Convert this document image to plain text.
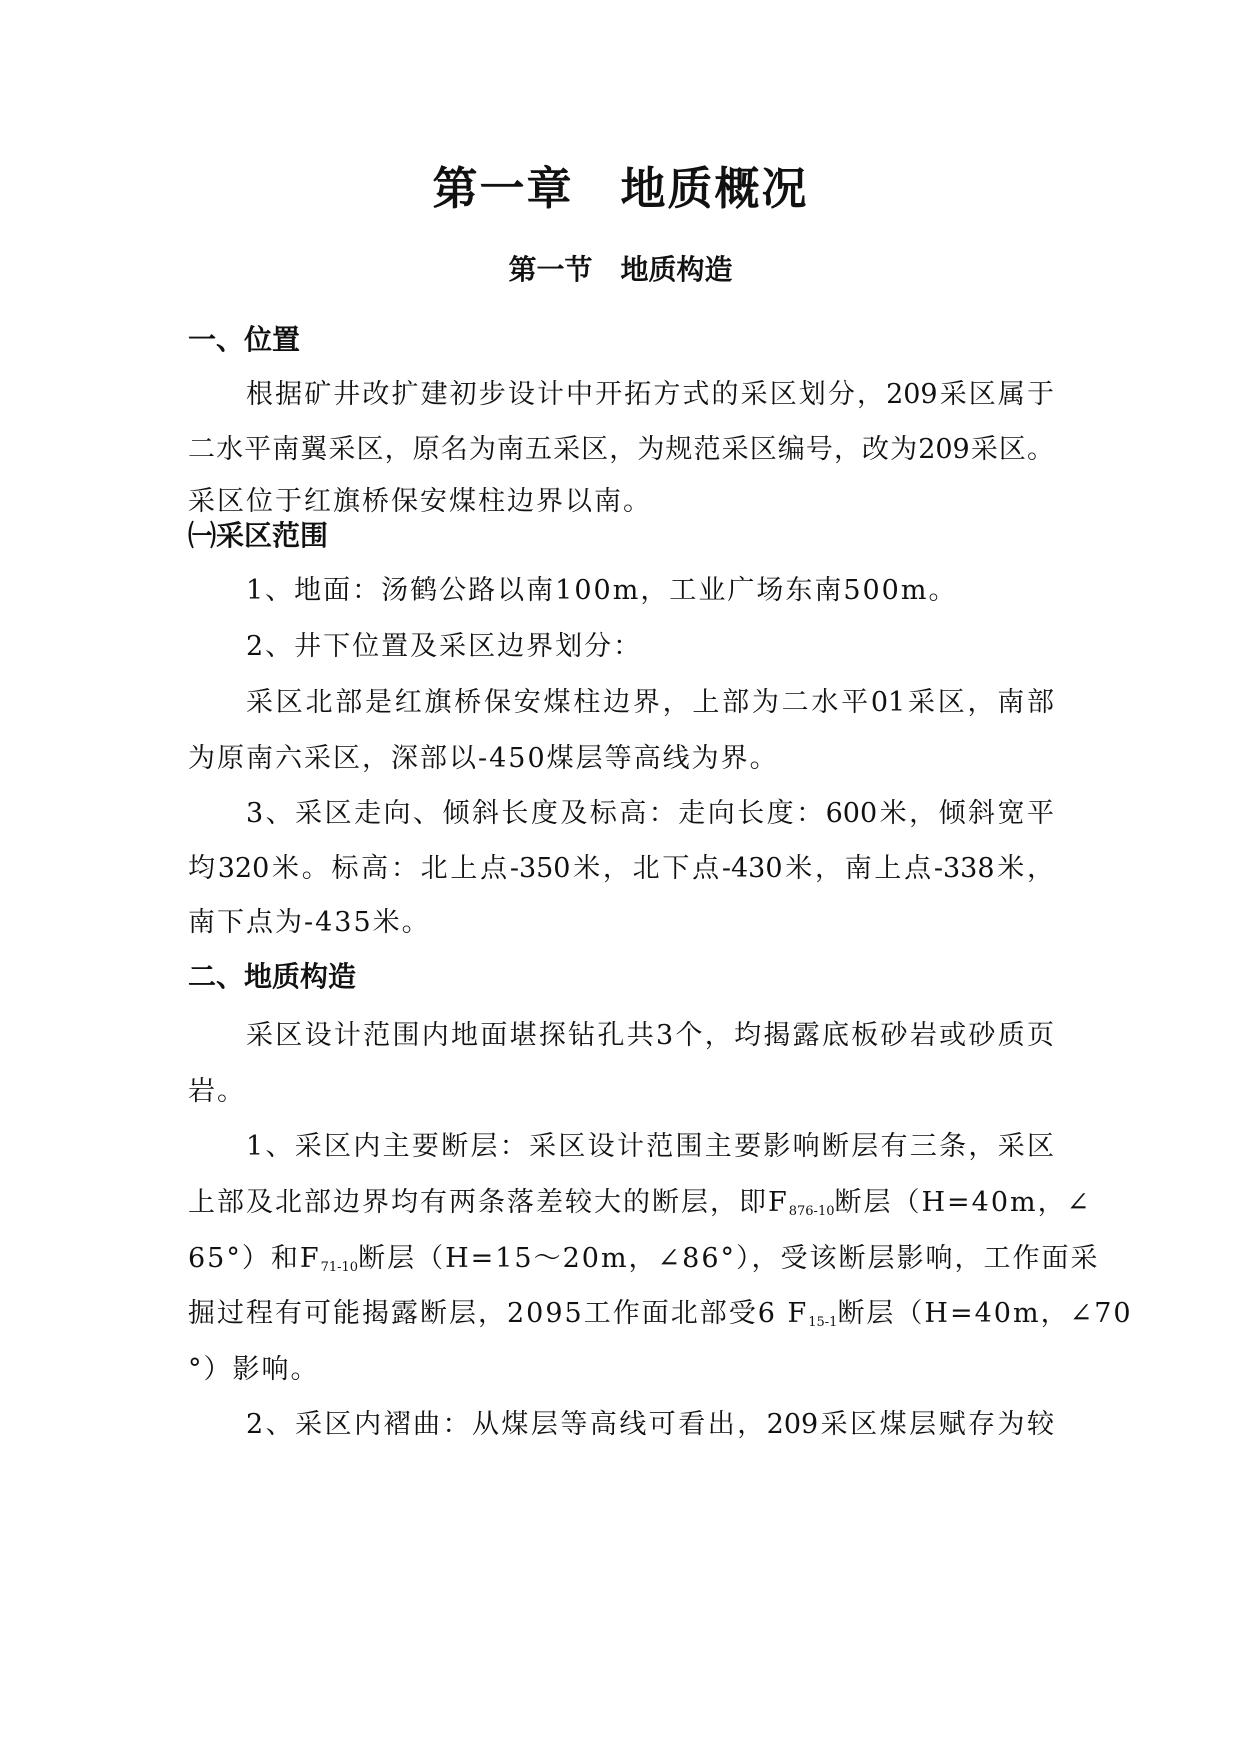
第一章　地质概况
第一节　地质构造
一、位置
根据矿井改扩建初步设计中开拓方式的采区划分，209采区属于
二水平南翼采区，原名为南五采区，为规范采区编号，改为209采区。
采区位于红旗桥保安煤柱边界以南。
㈠采区范围
1、地面：汤鹤公路以南100m，工业广场东南500m。
2、井下位置及采区边界划分：
采区北部是红旗桥保安煤柱边界，上部为二水平01采区，南部
为原南六采区，深部以-450煤层等高线为界。
3、采区走向、倾斜长度及标高：走向长度：600米，倾斜宽平
均320米。标高：北上点-350米，北下点-430米，南上点-338米，
南下点为-435米。
二、地质构造
采区设计范围内地面堪探钻孔共3个，均揭露底板砂岩或砂质页
岩。
1、采区内主要断层：采区设计范围主要影响断层有三条，采区
上部及北部边界均有两条落差较大的断层，即$F_{876-10}$断层（H=40m，∠
65°）和$F_{71-10}$断层（H=15～20m，∠86°），受该断层影响，工作面采
掘过程有可能揭露断层，2095工作面北部受6 $F_{15-1}$断层（H=40m，∠70
°）影响。
2、采区内褶曲：从煤层等高线可看出，209采区煤层赋存为较
